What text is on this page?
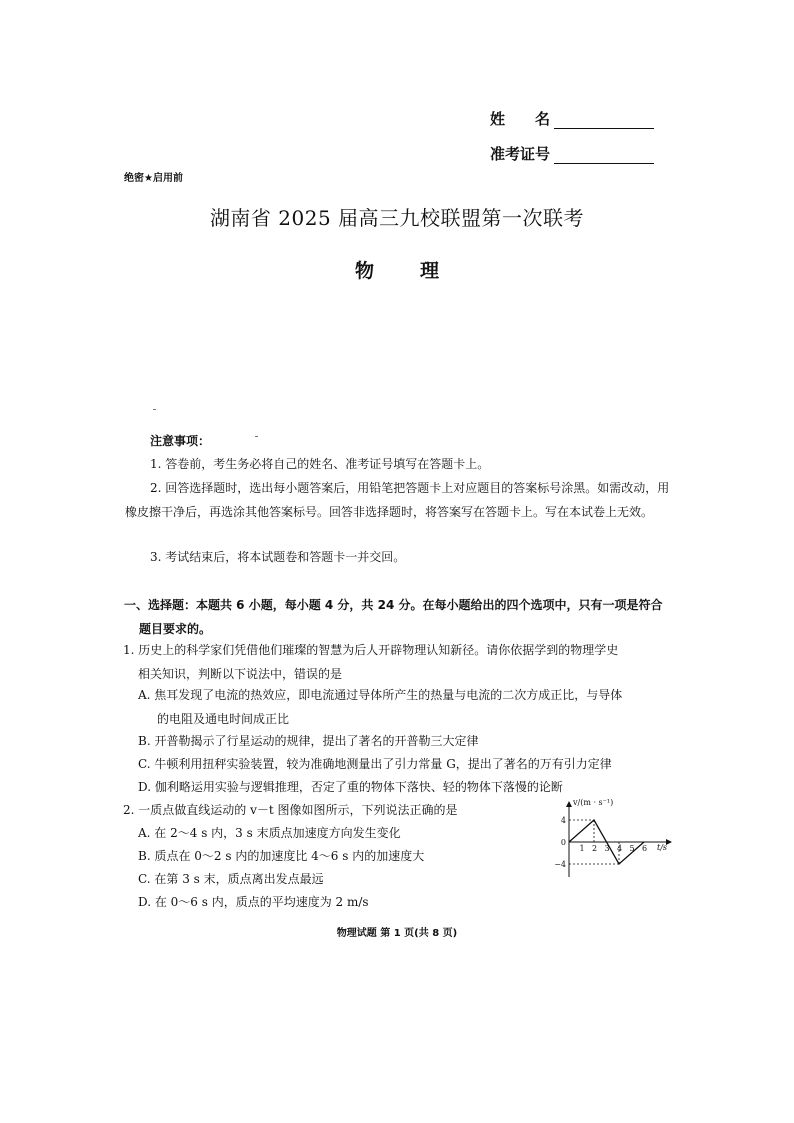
姓　　名
准考证号
绝密★启用前
湖南省 2025 届高三九校联盟第一次联考
物理
注意事项：
1. 答卷前，考生务必将自己的姓名、准考证号填写在答题卡上。
2. 回答选择题时，选出每小题答案后，用铅笔把答题卡上对应题目的答案标号涂黑。如需改动，用橡皮擦干净后，再选涂其他答案标号。回答非选择题时，将答案写在答题卡上。写在本试卷上无效。
3. 考试结束后，将本试题卷和答题卡一并交回。
一、选择题：本题共 6 小题，每小题 4 分，共 24 分。在每小题给出的四个选项中，只有一项是符合
题目要求的。
1. 历史上的科学家们凭借他们璀璨的智慧为后人开辟物理认知新径。请你依据学到的物理学史
相关知识，判断以下说法中，错误的是
A. 焦耳发现了电流的热效应，即电流通过导体所产生的热量与电流的二次方成正比，与导体
的电阻及通电时间成正比
B. 开普勒揭示了行星运动的规律，提出了著名的开普勒三大定律
C. 牛顿利用扭秤实验装置，较为准确地测量出了引力常量 G，提出了著名的万有引力定律
D. 伽利略运用实验与逻辑推理，否定了重的物体下落快、轻的物体下落慢的论断
2. 一质点做直线运动的 v－t 图像如图所示，下列说法正确的是
A. 在 2～4 s 内，3 s 末质点加速度方向发生变化
B. 质点在 0～2 s 内的加速度比 4～6 s 内的加速度大
C. 在第 3 s 末，质点离出发点最远
D. 在 0～6 s 内，质点的平均速度为 2 m/s
v/(m · s⁻¹)
t/s
4
0
−4
1 2 3 4 5 6
物理试题 第 1 页(共 8 页)
